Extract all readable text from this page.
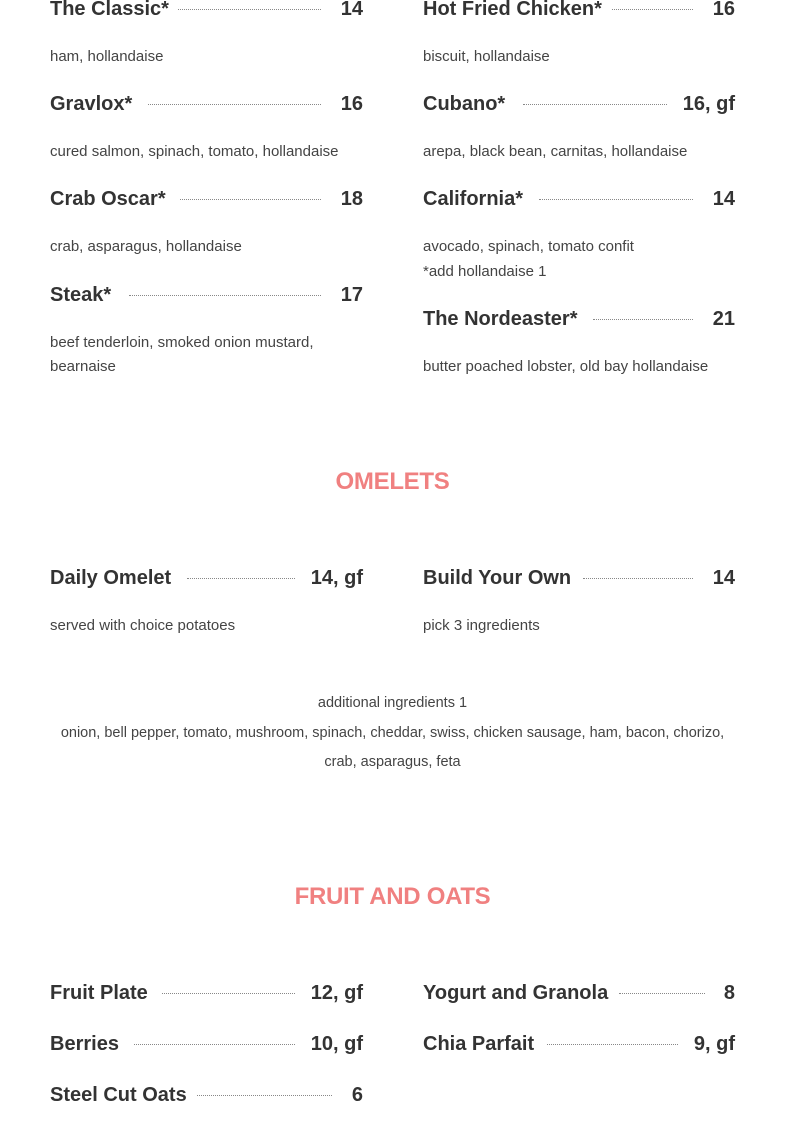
The Classic*	14
ham, hollandaise
Hot Fried Chicken*	16
biscuit, hollandaise
Gravlox*	16
cured salmon, spinach, tomato, hollandaise
Cubano*	16, gf
arepa, black bean, carnitas, hollandaise
Crab Oscar*	18
crab, asparagus, hollandaise
California*	14
avocado, spinach, tomato confit
*add hollandaise 1
Steak*	17
beef tenderloin, smoked onion mustard,
bearnaise
The Nordeaster*	21
butter poached lobster, old bay hollandaise
OMELETS
Daily Omelet	14, gf
served with choice potatoes
Build Your Own	14
pick 3 ingredients
additional ingredients 1
onion, bell pepper, tomato, mushroom, spinach, cheddar, swiss, chicken sausage, ham, bacon, chorizo,
crab, asparagus, feta
FRUIT AND OATS
Fruit Plate	12, gf	Yogurt and Granola	8
Berries	10, gf	Chia Parfait	9, gf
Steel Cut Oats	6
